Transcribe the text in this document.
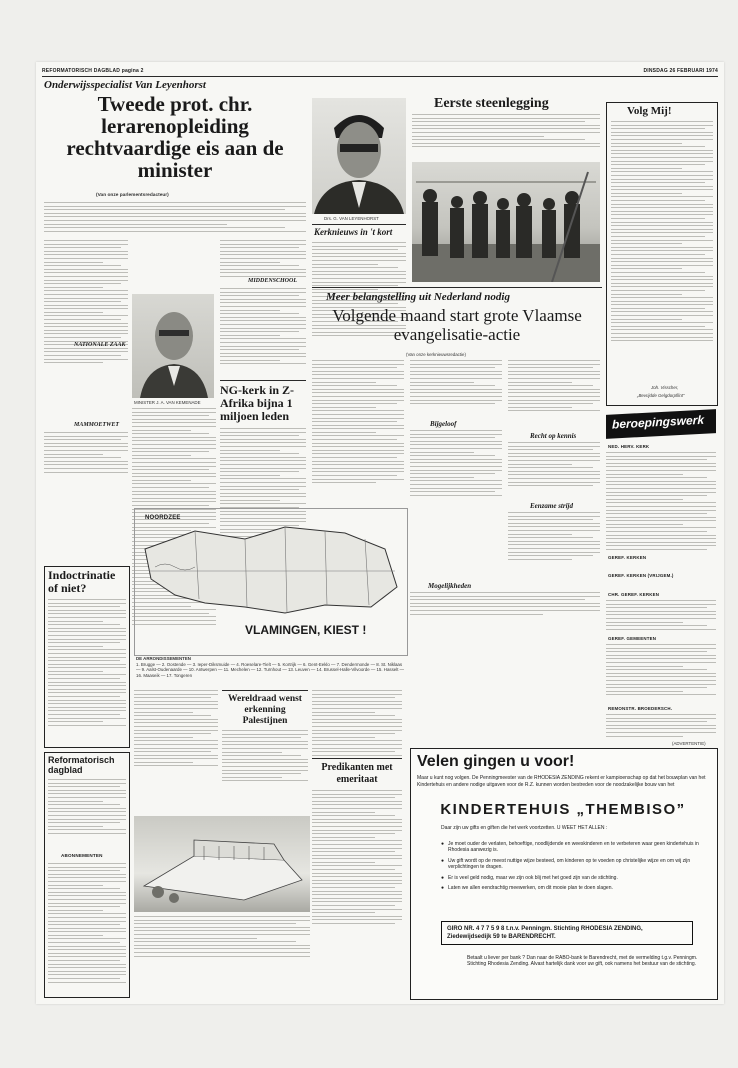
REFORMATORISCH DAGBLAD pagina 2	DINSDAG 26 FEBRUARI 1974
Onderwijsspecialist Van Leyenhorst
Tweede prot. chr. lerarenopleiding rechtvaardige eis aan de minister
(Van onze parlementsredacteur)
NATIONALE ZAAK
MAMMOETWET
MINISTER J. A. VAN KEMENADE
MIDDENSCHOOL
NG-kerk in Z-Afrika bijna 1 miljoen leden
Drs. G. VAN LEYENHORST
Kerknieuws in 't kort
Eerste steenlegging
Meer belangstelling uit Nederland nodig
Volgende maand start grote Vlaamse evangelisatie-actie
(Van onze kerknieuwsredactie)
Bijgeloof
Recht op kennis
Eenzame strijd
Mogelijkheden
NOORDZEE
VLAMINGEN, KIEST !
DE ARRONDISSEMENTEN
1. Brugge — 2. Oostende — 3. Ieper-Diksmuide — 4. Roeselare-Tielt — 5. Kortrijk — 6. Gent-Eeklo — 7. Dendermonde — 8. St. Niklaas — 9. Aalst-Oudenaarde — 10. Antwerpen — 11. Mechelen — 12. Turnhout — 13. Leuven — 14. Brussel-Halle-Vilvoorde — 15. Hasselt — 16. Maaseik — 17. Tongeren
Indoctrinatie of niet?
Reformatorisch dagblad
ABONNEMENTEN
Wereldraad wenst erkenning Palestijnen
Predikanten met emeritaat
Volg Mij!
Joh. Visscher,
„Bevrijdde Gelgdorpflint”
beroepingswerk
NED. HERV. KERK
GEREF. KERKEN
GEREF. KERKEN (VRIJGEM.)
CHR. GEREF. KERKEN
GEREF. GEMEENTEN
REMONSTR. BROEDERSCH.
(ADVERTENTIE)
Velen gingen u voor!
Maar u kunt nog volgen. De Penningmeester van de RHODESIA ZENDING rekent er kampioenschap op dat het bouwplan van het Kindertehuis en andere nodige uitgaven voor de R.Z. kunnen worden bestreden voor de noodzakelijke bouw van het
KINDERTEHUIS „THEMBISO”
Daar zijn uw gifts en giften die het werk voortzetten. U WEET HET ALLEN :
● Je moet ouder de verlaten, behoeftige, noodlijdende en weeskinderen en te verbeteren waar geen kindertehuis in Rhodesia aanwezig is.
● Uw gift wordt op de meest nuttige wijze besteed, om kinderen op te voeden op christelijke wijze en om wij zijn verplichtingen te dragen.
● Er is veel geld nodig, maar we zijn ook blij met het goed zijn van de stichting.
● Laten we allen eendrachtig meewerken, om dit mooie plan te doen slagen.
GIRO NR. 4 7 7 5 9 8 t.n.v. Penningm. Stichting RHODESIA ZENDING, Ziedewijdsedijk 59 te BARENDRECHT.
Betaalt u liever per bank ? Dan naar de RABO-bank te Barendrecht, met de vermelding t.g.v. Penningm. Stichting Rhodesia Zending. Alvast hartelijk dank voor uw gift, ook namens het bestuur van de stichting.
